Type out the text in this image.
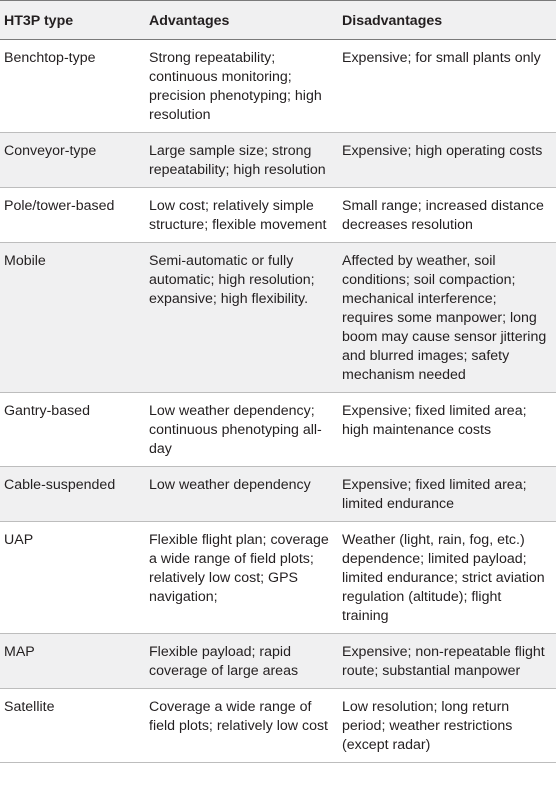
HT3P type	Advantages	Disadvantages
Benchtop-type	Strong repeatability; continuous monitoring; precision phenotyping; high resolution	Expensive; for small plants only
Conveyor-type	Large sample size; strong repeatability; high resolution	Expensive; high operating costs
Pole/tower-based	Low cost; relatively simple structure; flexible movement	Small range; increased distance decreases resolution
Mobile	Semi-automatic or fully automatic; high resolution; expansive; high flexibility.	Affected by weather, soil conditions; soil compaction; mechanical interference; requires some manpower; long boom may cause sensor jittering and blurred images; safety mechanism needed
Gantry-based	Low weather dependency; continuous phenotyping all-day	Expensive; fixed limited area; high maintenance costs
Cable-suspended	Low weather dependency	Expensive; fixed limited area; limited endurance
UAP	Flexible flight plan; coverage a wide range of field plots; relatively low cost; GPS navigation;	Weather (light, rain, fog, etc.) dependence; limited payload; limited endurance; strict aviation regulation (altitude); flight training
MAP	Flexible payload; rapid coverage of large areas	Expensive; non-repeatable flight route; substantial manpower
Satellite	Coverage a wide range of field plots; relatively low cost	Low resolution; long return period; weather restrictions (except radar)
